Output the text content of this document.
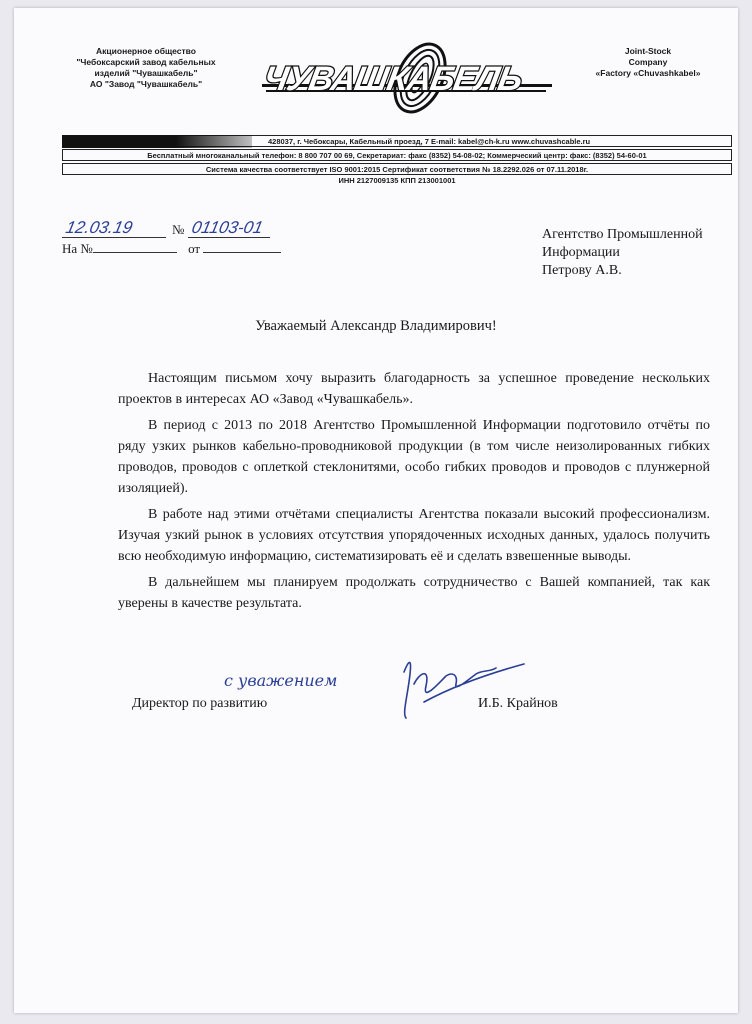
Акционерное общество
"Чебоксарский завод кабельных
изделий "Чувашкабель"
АО "Завод "Чувашкабель"	ЧУВАШКАБЕЛЬ
Joint-Stock
Company
«Factory «Chuvashkabel»
428037, г. Чебоксары, Кабельный проезд, 7 E-mail: kabel@ch-k.ru www.chuvashcable.ru
Бесплатный многоканальный телефон: 8 800 707 00 69, Секретариат: факс (8352) 54-08-02; Коммерческий центр: факс: (8352) 54-60-01
Система качества соответствует ISO 9001:2015 Сертификат соответствия № 18.2292.026 от 07.11.2018г.
ИНН 2127009135 КПП 213001001
12.03.19	№ 01103-01
На №	от
Агентство Промышленной
Информации
Петрову А.В.
Уважаемый Александр Владимирович!

Настоящим письмом хочу выразить благодарность за успешное проведение нескольких проектов в интересах АО «Завод «Чувашкабель».

В период с 2013 по 2018 Агентство Промышленной Информации подготовило отчёты по ряду узких рынков кабельно-проводниковой продукции (в том числе неизолированных гибких проводов, проводов с оплеткой стеклонитями, особо гибких проводов и проводов с плунжерной изоляцией).

В работе над этими отчётами специалисты Агентства показали высокий профессионализм. Изучая узкий рынок в условиях отсутствия упорядоченных исходных данных, удалось получить всю необходимую информацию, систематизировать её и сделать взвешенные выводы.

В дальнейшем мы планируем продолжать сотрудничество с Вашей компанией, так как уверены в качестве результата.

с уважением
Директор по развитию	И.Б. Крайнов
